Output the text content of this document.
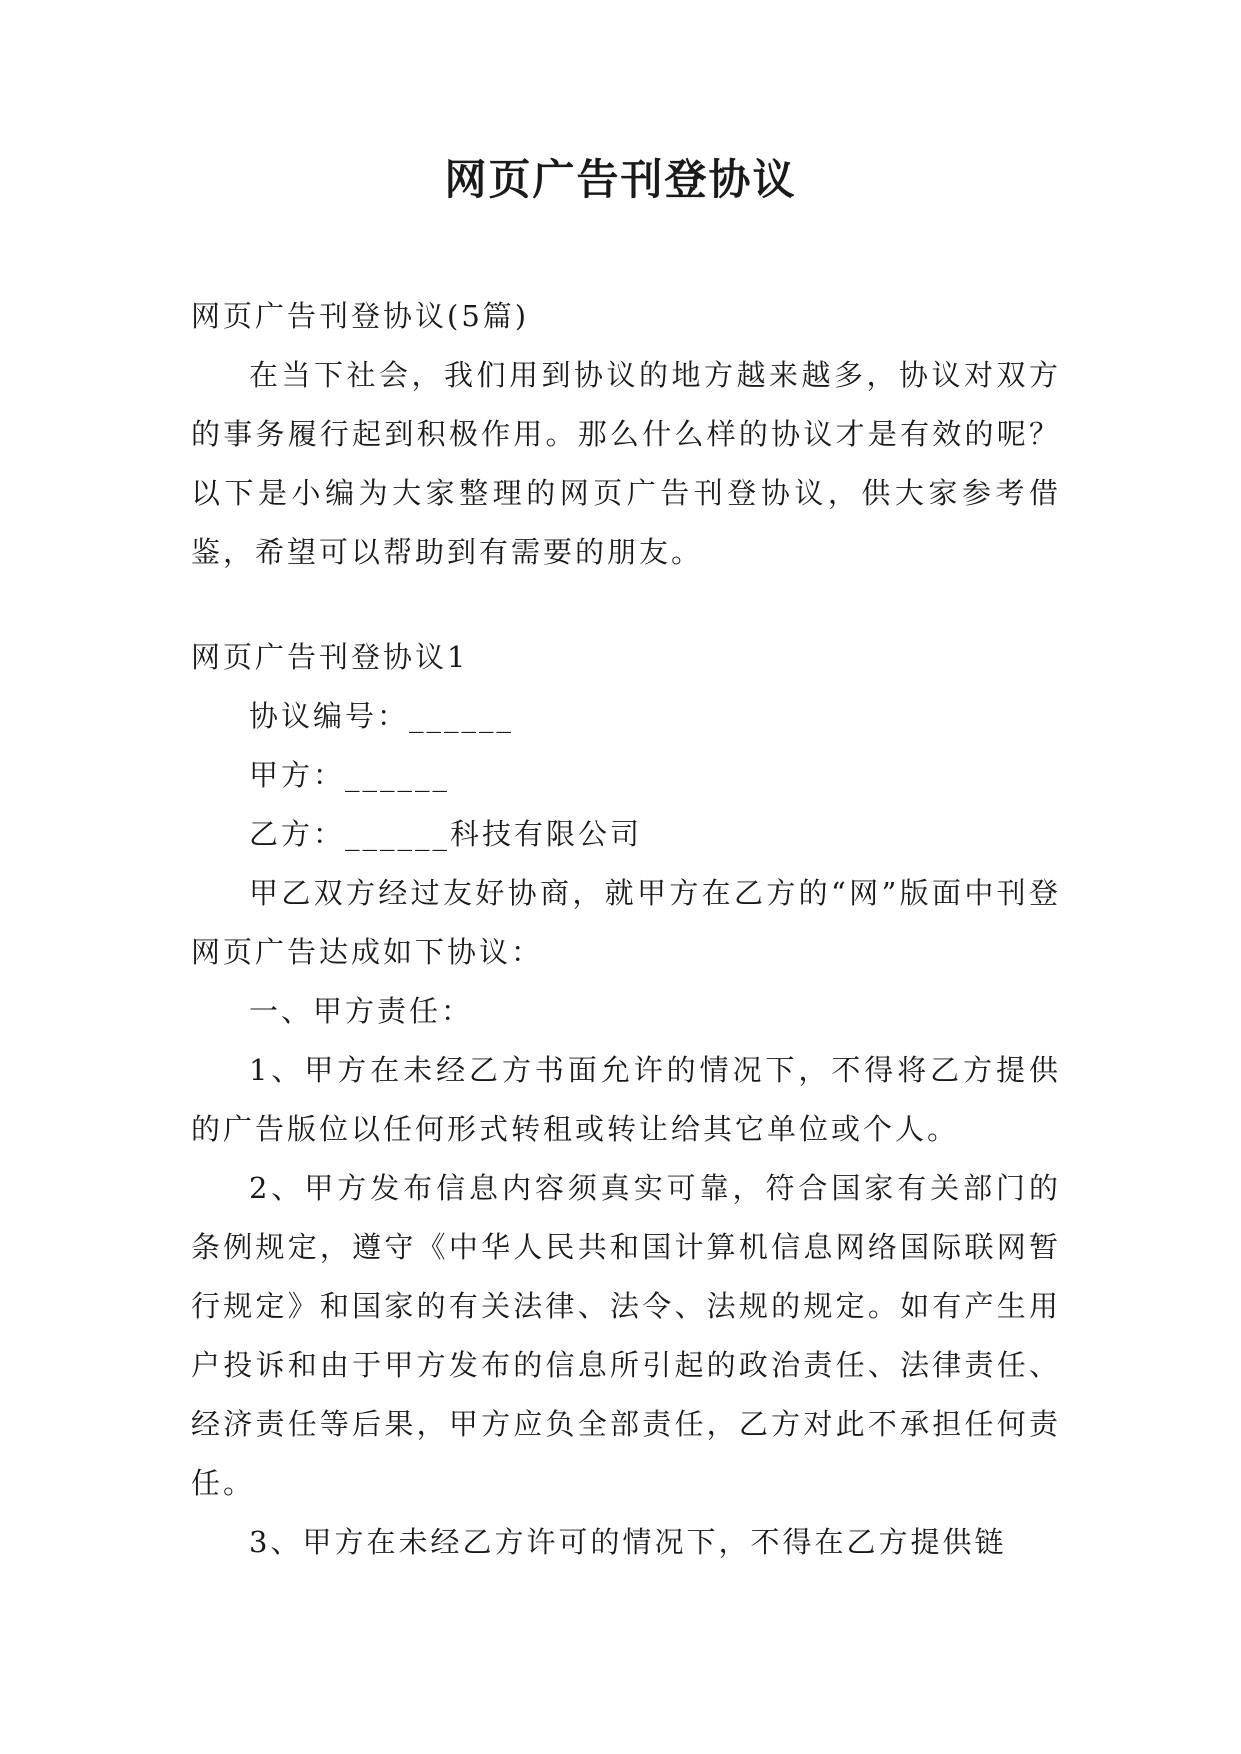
网页广告刊登协议

网页广告刊登协议(5篇)

在当下社会，我们用到协议的地方越来越多，协议对双方的事务履行起到积极作用。那么什么样的协议才是有效的呢？以下是小编为大家整理的网页广告刊登协议，供大家参考借鉴，希望可以帮助到有需要的朋友。

网页广告刊登协议1

协议编号：______

甲方：______

乙方：______科技有限公司

甲乙双方经过友好协商，就甲方在乙方的“网”版面中刊登网页广告达成如下协议：

一、甲方责任：

1、甲方在未经乙方书面允许的情况下，不得将乙方提供的广告版位以任何形式转租或转让给其它单位或个人。

2、甲方发布信息内容须真实可靠，符合国家有关部门的条例规定，遵守《中华人民共和国计算机信息网络国际联网暂行规定》和国家的有关法律、法令、法规的规定。如有产生用户投诉和由于甲方发布的信息所引起的政治责任、法律责任、经济责任等后果，甲方应负全部责任，乙方对此不承担任何责任。

3、甲方在未经乙方许可的情况下，不得在乙方提供链
